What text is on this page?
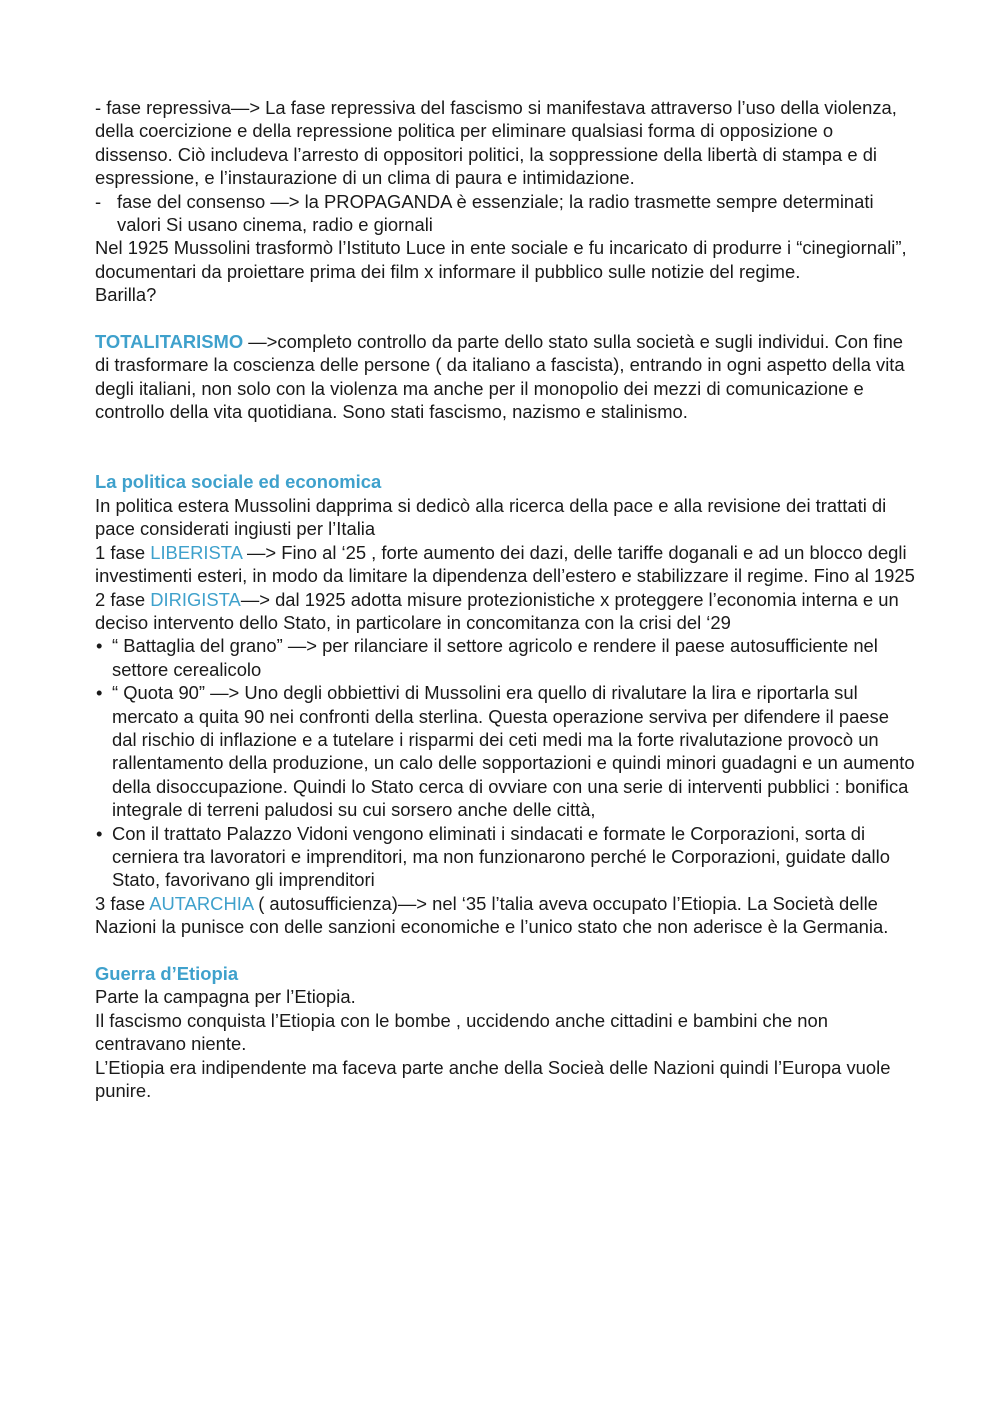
- fase repressiva—> La fase repressiva del fascismo si manifestava attraverso l’uso della violenza, della coercizione e della repressione politica per eliminare qualsiasi forma di opposizione o dissenso. Ciò includeva l’arresto di oppositori politici, la soppressione della libertà di stampa e di espressione, e l’instaurazione di un clima di paura e intimidazione.

- fase del consenso —> la PROPAGANDA è essenziale; la radio trasmette sempre determinati valori Si usano cinema, radio e giornali

Nel 1925 Mussolini trasformò l’Istituto Luce in ente sociale e fu incaricato di produrre i “cinegiornali”, documentari da proiettare prima dei film x informare il pubblico sulle notizie del regime.

Barilla?

TOTALITARISMO —>completo controllo da parte dello stato sulla società e sugli individui. Con fine di trasformare la coscienza delle persone ( da italiano a fascista), entrando in ogni aspetto della vita degli italiani, non solo con la violenza ma anche per il monopolio dei mezzi di comunicazione e controllo della vita quotidiana. Sono stati fascismo, nazismo e stalinismo.

La politica sociale ed economica

In politica estera Mussolini dapprima si dedicò alla ricerca della pace e alla revisione dei trattati di pace considerati ingiusti per l’Italia

1 fase LIBERISTA —> Fino al ‘25 , forte aumento dei dazi, delle tariffe doganali e ad un blocco degli investimenti esteri, in modo da limitare la dipendenza dell’estero e stabilizzare il regime. Fino al 1925

2 fase DIRIGISTA—> dal 1925 adotta misure protezionistiche x proteggere l’economia interna e un deciso intervento dello Stato, in particolare in concomitanza con la crisi del ‘29

• “ Battaglia del grano” —> per rilanciare il settore agricolo e rendere il paese autosufficiente nel settore cerealicolo
• “ Quota 90” —> Uno degli obbiettivi di Mussolini era quello di rivalutare la lira e riportarla sul mercato a quita 90 nei confronti della sterlina. Questa operazione serviva per difendere il paese dal rischio di inflazione e a tutelare i risparmi dei ceti medi ma la forte rivalutazione provocò un rallentamento della produzione, un calo delle sopportazioni e quindi minori guadagni e un aumento della disoccupazione. Quindi lo Stato cerca di ovviare con una serie di interventi pubblici : bonifica integrale di terreni paludosi su cui sorsero anche delle città,
• Con il trattato Palazzo Vidoni vengono eliminati i sindacati e formate le Corporazioni, sorta di cerniera tra lavoratori e imprenditori, ma non funzionarono perché le Corporazioni, guidate dallo Stato, favorivano gli imprenditori

3 fase AUTARCHIA ( autosufficienza)—> nel ‘35 l’talia aveva occupato l’Etiopia. La Società delle Nazioni la punisce con delle sanzioni economiche e l’unico stato che non aderisce è la Germania.

Guerra d’Etiopia

Parte la campagna per l’Etiopia.

Il fascismo conquista l’Etiopia con le bombe , uccidendo anche cittadini e bambini che non centravano niente.

L’Etiopia era indipendente ma faceva parte anche della Socieà delle Nazioni quindi l’Europa vuole punire.
